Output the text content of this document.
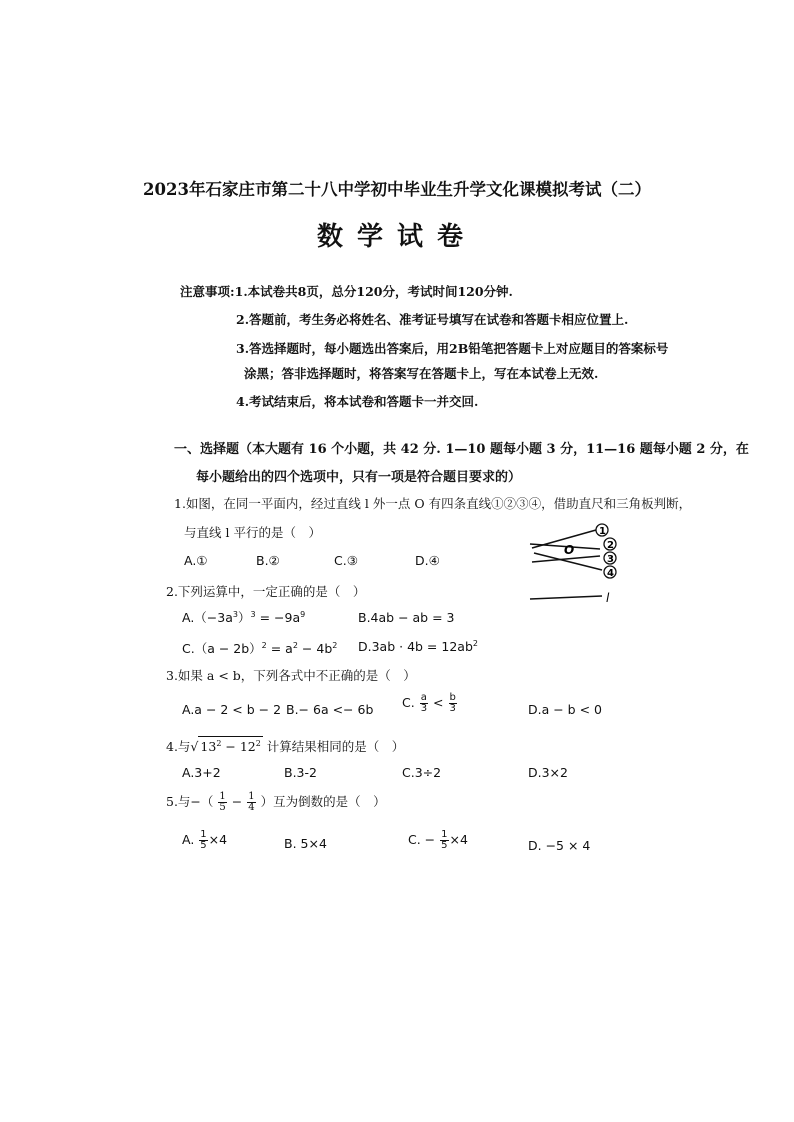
2023年石家庄市第二十八中学初中毕业生升学文化课模拟考试（二）
数学试卷
注意事项:1.本试卷共8页，总分120分，考试时间120分钟.
2.答题前，考生务必将姓名、准考证号填写在试卷和答题卡相应位置上.
3.答选择题时，每小题选出答案后，用2B铅笔把答题卡上对应题目的答案标号
涂黑；答非选择题时，将答案写在答题卡上，写在本试卷上无效.
4.考试结束后，将本试卷和答题卡一并交回.
一、选择题（本大题有 16 个小题，共 42 分. 1—10 题每小题 3 分，11—16 题每小题 2 分，在
每小题给出的四个选项中，只有一项是符合题目要求的）
1.如图，在同一平面内，经过直线 l 外一点 O 有四条直线①②③④，借助直尺和三角板判断，
与直线 l 平行的是（　）
A.①	B.②	C.③	D.④
O
l
1
2
3
4
2.下列运算中，一定正确的是（　）
$A.(-3a^3)^3 = -9a^9$	B.4ab − ab = 3
$C.(a - 2b)^2 = a^2 - 4b^2$ $D.3ab \cdot 4b = 12ab^2$
3.如果 a < b，下列各式中不正确的是（　）
A.a − 2 < b − 2 B.− 6a <− 6b C. $\frac{a}{3} < \frac{b}{3}$	D.a − b < 0
4.与√ $13^2 - 12^2$ 计算结果相同的是（　）
A.3+2	B.3-2	C.3÷2	D.3×2
5.与−（ $\frac{1}{5} - \frac{1}{4}$ ）互为倒数的是（　）
A. $\frac{1}{5} \times 4$	B. 5×4	C. − $\frac{1}{5} \times 4$	D. −5 × 4
